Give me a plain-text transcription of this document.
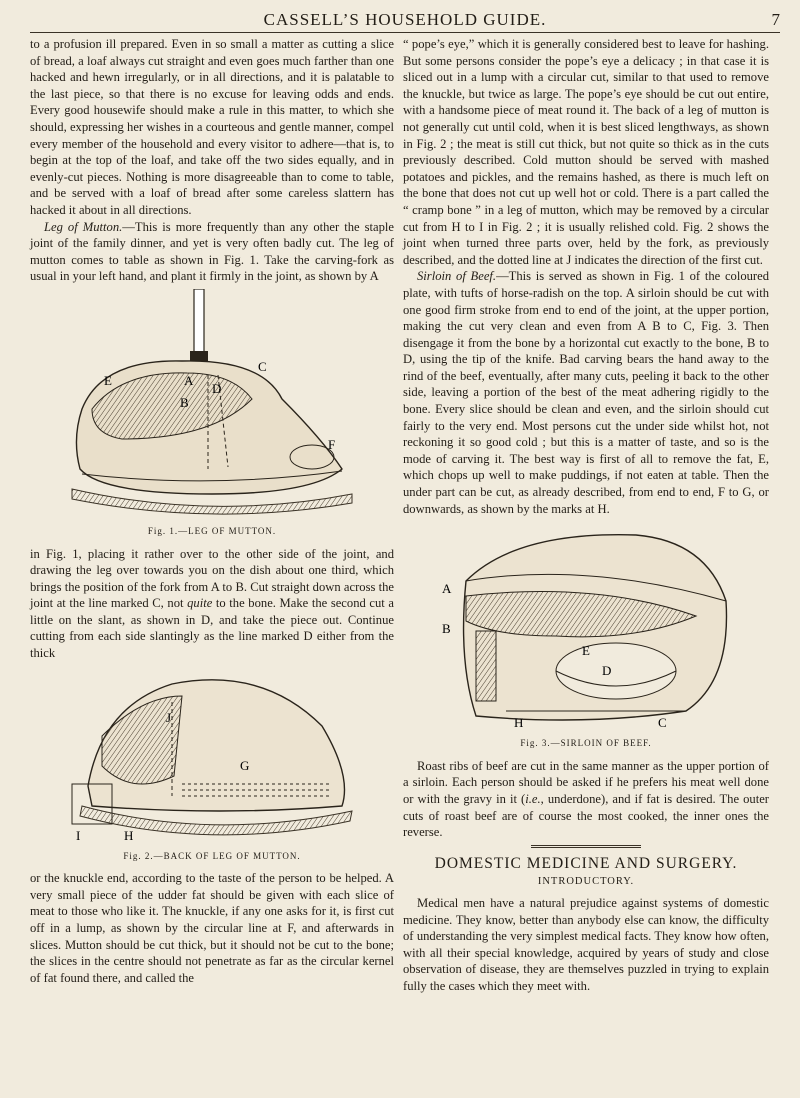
CASSELL’S HOUSEHOLD GUIDE.	7

to a profusion ill prepared. Even in so small a matter as cutting a slice of bread, a loaf always cut straight and even goes much farther than one hacked and hewn irregularly, or in all directions, and it is palatable to the last piece, so that there is no excuse for leaving odds and ends. Every good housewife should make a rule in this matter, to which she should, expressing her wishes in a courteous and gentle manner, compel every member of the household and every visitor to adhere—that is, to begin at the top of the loaf, and take off the two sides equally, and in evenly-cut pieces. Nothing is more disagreeable than to come to table, and be served with a loaf of bread after some careless slattern has hacked it about in all directions.

Leg of Mutton.—This is more frequently than any other the staple joint of the family dinner, and yet is very often badly cut. The leg of mutton comes to table as shown in Fig. 1. Take the carving-fork as usual in your left hand, and plant it firmly in the joint, as shown by A

E	A
B
C
D
F
Fig. 1.—LEG OF MUTTON.

in Fig. 1, placing it rather over to the other side of the joint, and drawing the leg over towards you on the dish about one third, which brings the position of the fork from A to B. Cut straight down across the joint at the line marked C, not quite to the bone. Make the second cut a little on the slant, as shown in D, and take the piece out. Continue cutting from each side slantingly as the line marked D either from the thick

J
G
I	H
Fig. 2.—BACK OF LEG OF MUTTON.

or the knuckle end, according to the taste of the person to be helped. A very small piece of the udder fat should be given with each slice of meat to those who like it. The knuckle, if any one asks for it, is first cut off in a lump, as shown by the circular line at F, and afterwards in slices. Mutton should be cut thick, but it should not be cut to the bone; the slices in the centre should not penetrate as far as the circular kernel of fat found there, and called the

“ pope’s eye,” which it is generally considered best to leave for hashing. But some persons consider the pope’s eye a delicacy ; in that case it is sliced out in a lump with a circular cut, similar to that used to remove the knuckle, but twice as large. The pope’s eye should be cut out entire, with a handsome piece of meat round it. The back of a leg of mutton is not generally cut until cold, when it is best sliced lengthways, as shown in Fig. 2 ; the meat is still cut thick, but not quite so thick as in the cuts previously described. Cold mutton should be served with mashed potatoes and pickles, and the remains hashed, as there is much left on the bone that does not cut up well hot or cold. There is a part called the “ cramp bone ” in a leg of mutton, which may be removed by a circular cut from H to I in Fig. 2 ; it is usually relished cold. Fig. 2 shows the joint when turned three parts over, held by the fork, as previously described, and the dotted line at J indicates the direction of the first cut.

Sirloin of Beef.—This is served as shown in Fig. 1 of the coloured plate, with tufts of horse-radish on the top. A sirloin should be cut with one good firm stroke from end to end of the joint, at the upper portion, making the cut very clean and even from A B to C, Fig. 3. Then disengage it from the bone by a horizontal cut exactly to the bone, B to D, using the tip of the knife. Bad carving bears the hand away to the rind of the beef, eventually, after many cuts, peeling it back to the other side, leaving a portion of the best of the meat adhering rigidly to the bone. Every slice should be clean and even, and the sirloin should cut fairly to the very end. Most persons cut the under side whilst hot, not reckoning it so good cold ; but this is a matter of taste, and so is the mode of carving it. The best way is first of all to remove the fat, E, which chops up well to make puddings, if not eaten at table. Then the under part can be cut, as already described, from end to end, F to G, or downwards, as shown by the marks at H.

A
B
E
D
H	C
Fig. 3.—SIRLOIN OF BEEF.

Roast ribs of beef are cut in the same manner as the upper portion of a sirloin. Each person should be asked if he prefers his meat well done or with the gravy in it (i.e., underdone), and if fat is desired. The outer cuts of roast beef are of course the most cooked, the inner ones the reverse.

DOMESTIC MEDICINE AND SURGERY.
INTRODUCTORY.

Medical men have a natural prejudice against systems of domestic medicine. They know, better than anybody else can know, the difficulty of understanding the very simplest medical facts. They know how often, with all their special knowledge, acquired by years of study and close observation of disease, they are themselves puzzled in trying to explain fully the cases which they meet with.
